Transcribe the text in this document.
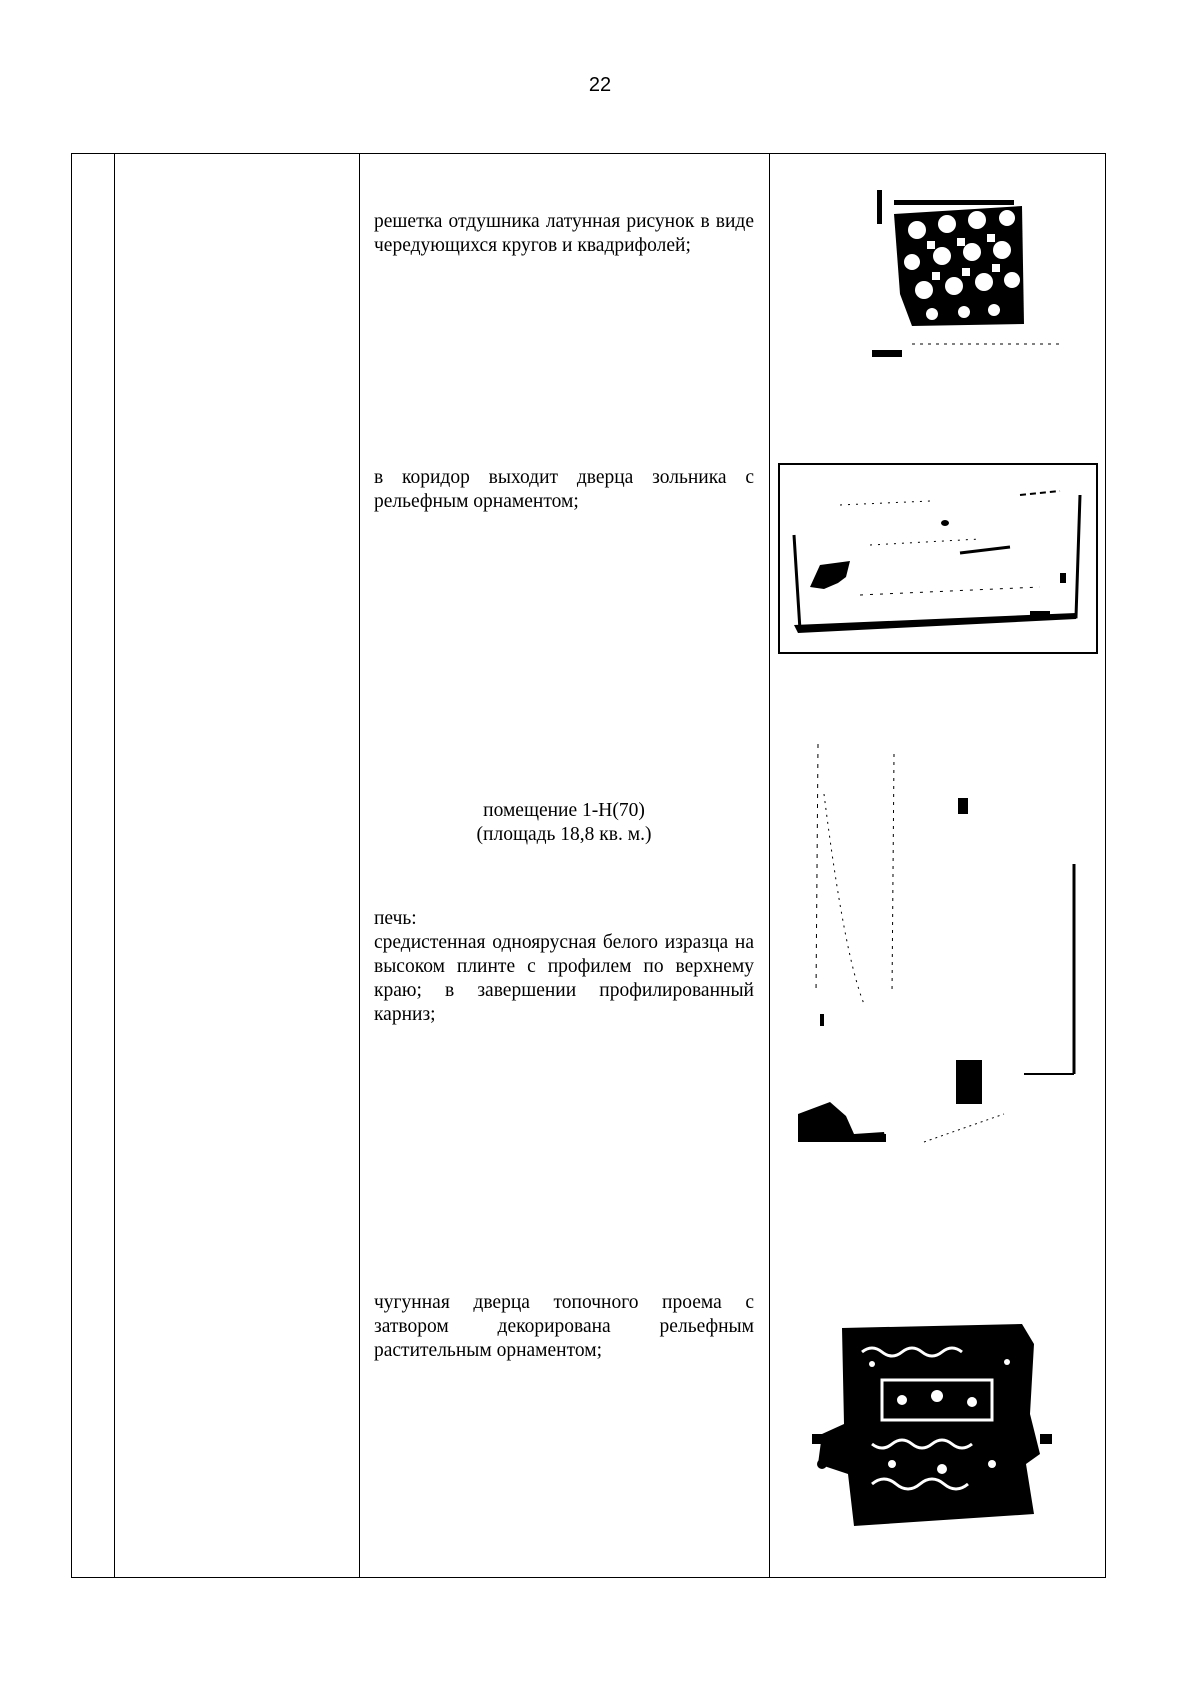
22
решетка отдушника латунная рисунок в виде чередующихся кругов и квадрифолей;
в коридор выходит дверца зольника с рельефным орнаментом;

помещение 1-Н(70)

(площадь 18,8 кв. м.)

печь:

средистенная одноярусная белого изразца на высоком плинте с профилем по верхнему краю; в завершении профилированный карниз;

чугунная дверца топочного проема с затвором декорирована рельефным растительным орнаментом;
